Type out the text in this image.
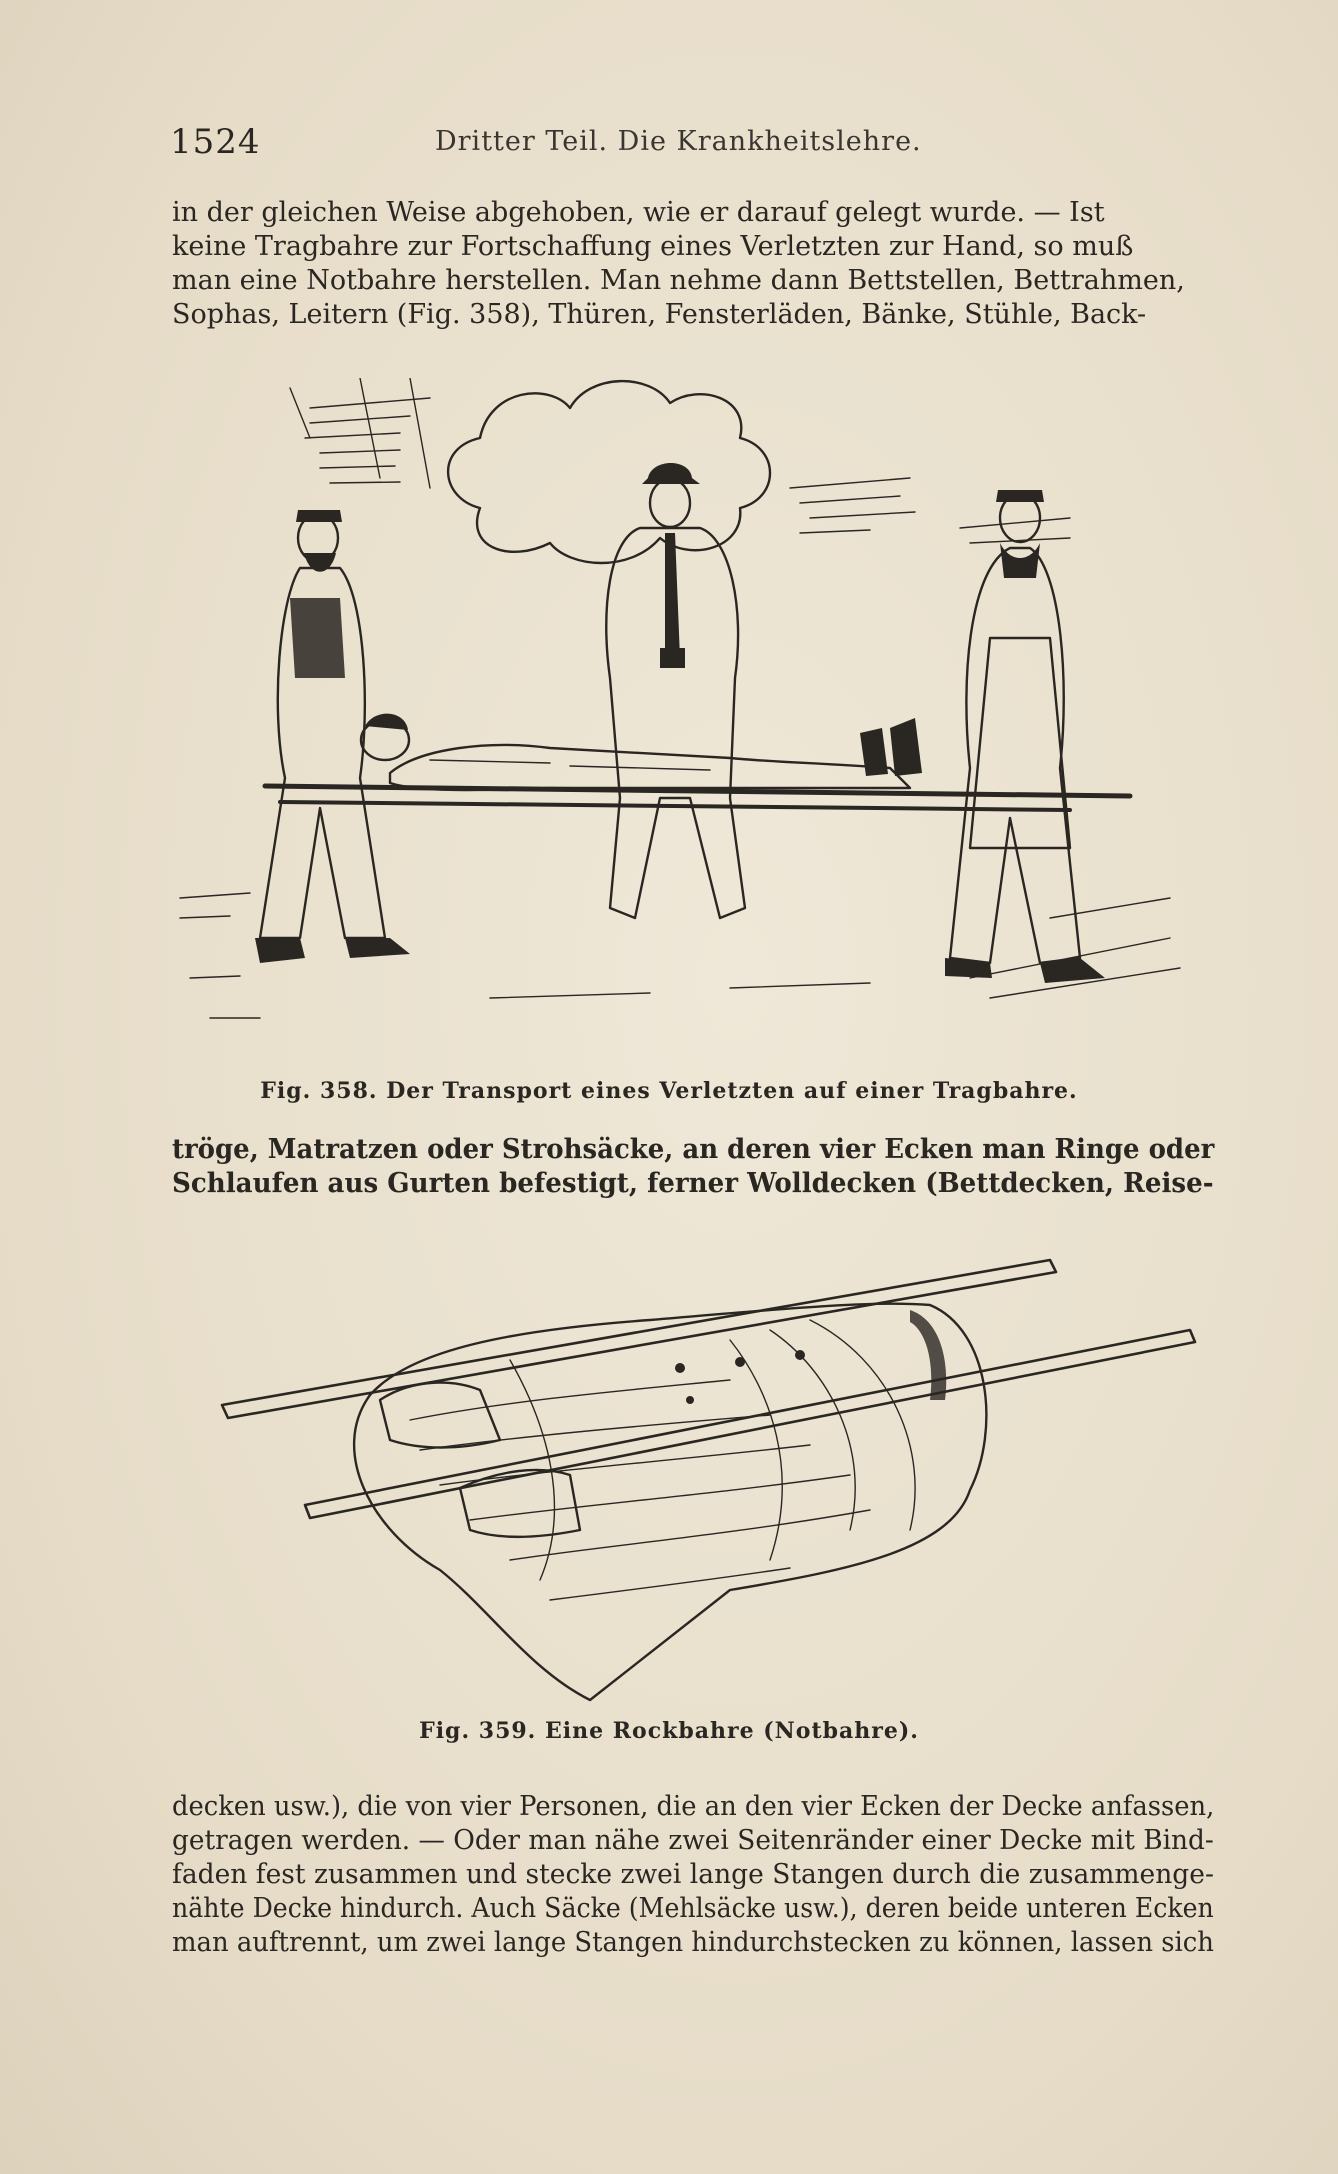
1524	Dritter Teil. Die Krankheitslehre.
in der gleichen Weise abgehoben, wie er darauf gelegt wurde. — Ist
keine Tragbahre zur Fortschaffung eines Verletzten zur Hand, so muß
man eine Notbahre herstellen. Man nehme dann Bettstellen, Bettrahmen,
Sophas, Leitern (Fig. 358), Thüren, Fensterläden, Bänke, Stühle, Back-
Fig. 358. Der Transport eines Verletzten auf einer Tragbahre.
tröge, Matratzen oder Strohsäcke, an deren vier Ecken man Ringe oder
Schlaufen aus Gurten befestigt, ferner Wolldecken (Bettdecken, Reise-
Fig. 359. Eine Rockbahre (Notbahre).
decken usw.), die von vier Personen, die an den vier Ecken der Decke anfassen,
getragen werden. — Oder man nähe zwei Seitenränder einer Decke mit Bind-
faden fest zusammen und stecke zwei lange Stangen durch die zusammenge-
nähte Decke hindurch. Auch Säcke (Mehlsäcke usw.), deren beide unteren Ecken
man auftrennt, um zwei lange Stangen hindurchstecken zu können, lassen sich
